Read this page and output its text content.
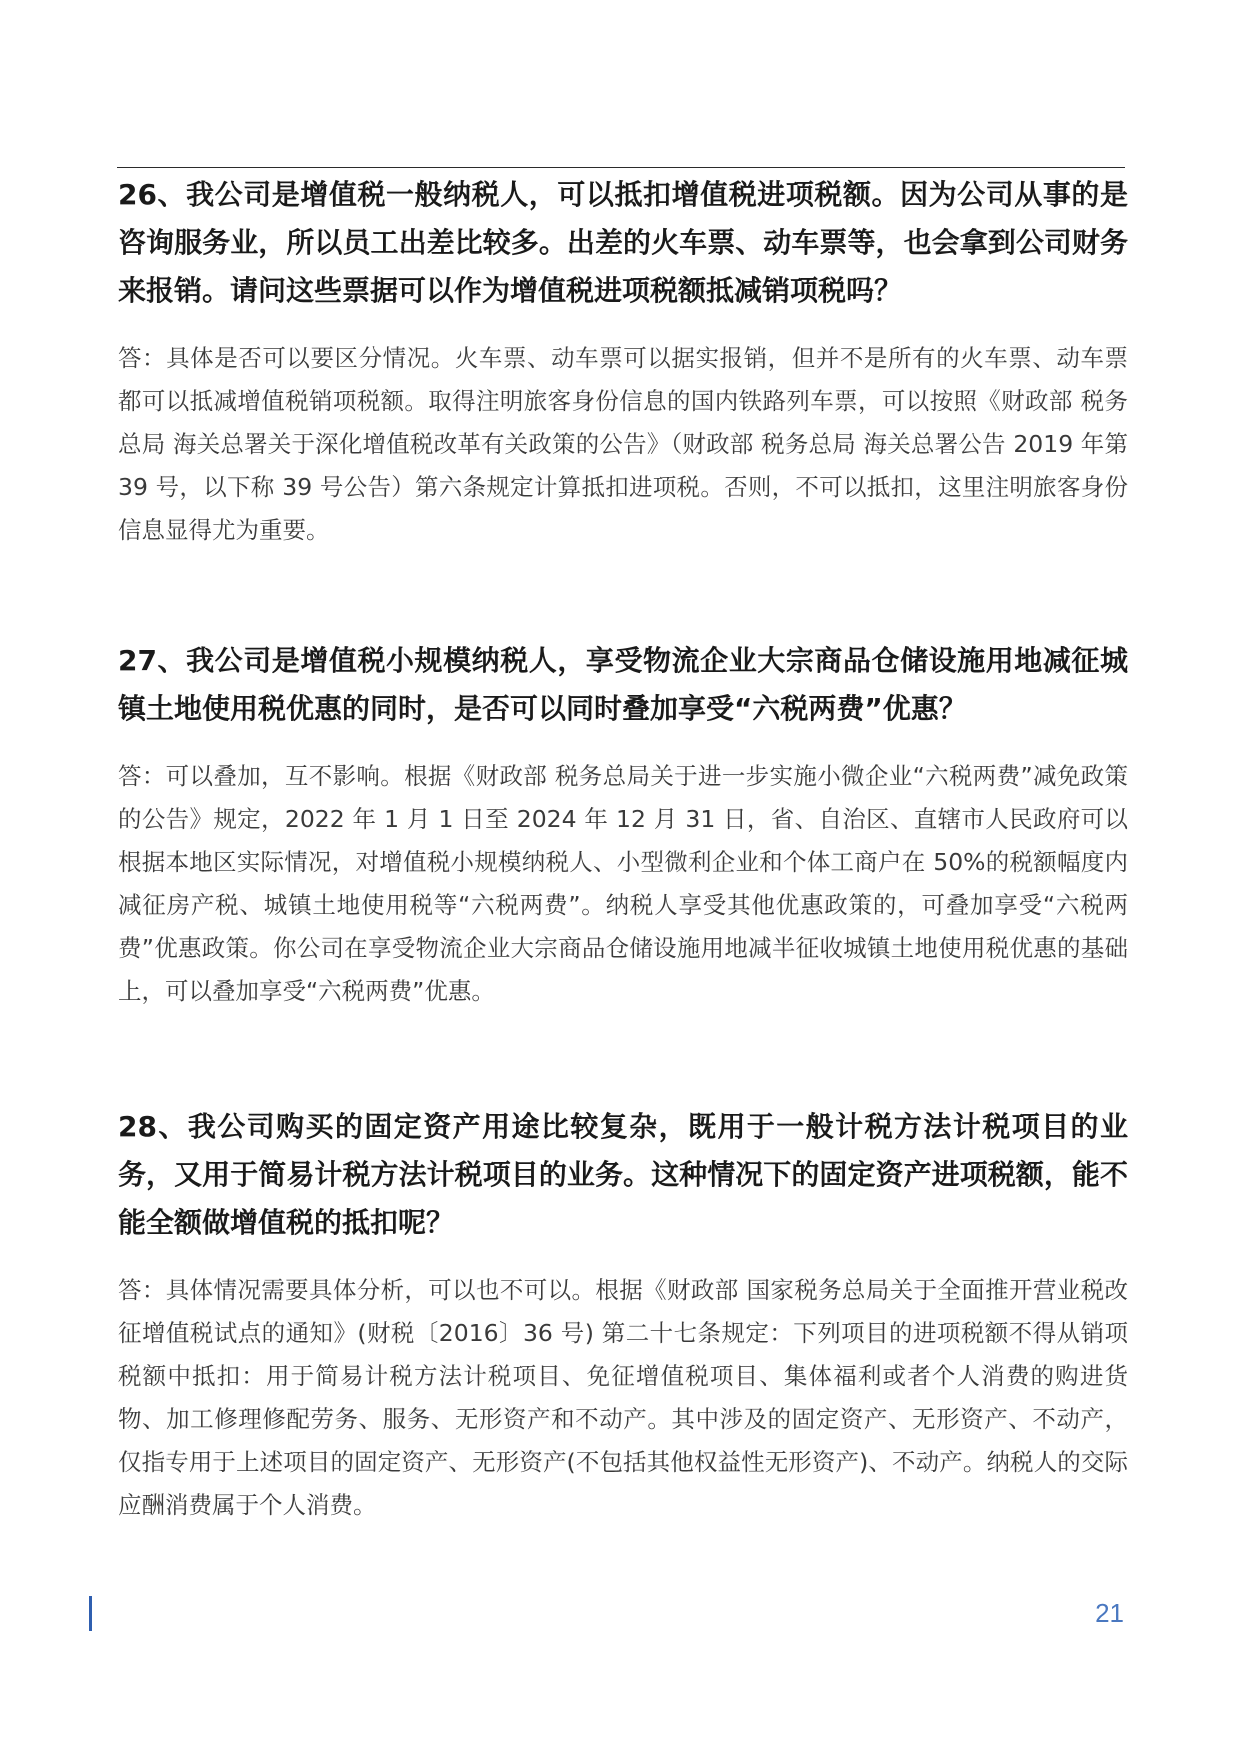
26、我公司是增值税一般纳税人，可以抵扣增值税进项税额。因为公司从事的是咨询服务业，所以员工出差比较多。出差的火车票、动车票等，也会拿到公司财务来报销。请问这些票据可以作为增值税进项税额抵减销项税吗？

答：具体是否可以要区分情况。火车票、动车票可以据实报销，但并不是所有的火车票、动车票都可以抵减增值税销项税额。取得注明旅客身份信息的国内铁路列车票，可以按照《财政部 税务总局 海关总署关于深化增值税改革有关政策的公告》（财政部 税务总局 海关总署公告 2019 年第 39 号，以下称 39 号公告）第六条规定计算抵扣进项税。否则，不可以抵扣，这里注明旅客身份信息显得尤为重要。

27、我公司是增值税小规模纳税人，享受物流企业大宗商品仓储设施用地减征城镇土地使用税优惠的同时，是否可以同时叠加享受“六税两费”优惠？

答：可以叠加，互不影响。根据《财政部 税务总局关于进一步实施小微企业“六税两费”减免政策的公告》规定，2022 年 1 月 1 日至 2024 年 12 月 31 日，省、自治区、直辖市人民政府可以根据本地区实际情况，对增值税小规模纳税人、小型微利企业和个体工商户在 50%的税额幅度内减征房产税、城镇土地使用税等“六税两费”。纳税人享受其他优惠政策的，可叠加享受“六税两费”优惠政策。你公司在享受物流企业大宗商品仓储设施用地减半征收城镇土地使用税优惠的基础上，可以叠加享受“六税两费”优惠。

28、我公司购买的固定资产用途比较复杂，既用于一般计税方法计税项目的业务，又用于简易计税方法计税项目的业务。这种情况下的固定资产进项税额，能不能全额做增值税的抵扣呢？

答：具体情况需要具体分析，可以也不可以。根据《财政部 国家税务总局关于全面推开营业税改征增值税试点的通知》(财税〔2016〕36 号) 第二十七条规定：下列项目的进项税额不得从销项税额中抵扣：用于简易计税方法计税项目、免征增值税项目、集体福利或者个人消费的购进货物、加工修理修配劳务、服务、无形资产和不动产。其中涉及的固定资产、无形资产、不动产，仅指专用于上述项目的固定资产、无形资产(不包括其他权益性无形资产)、不动产。纳税人的交际应酬消费属于个人消费。

21
